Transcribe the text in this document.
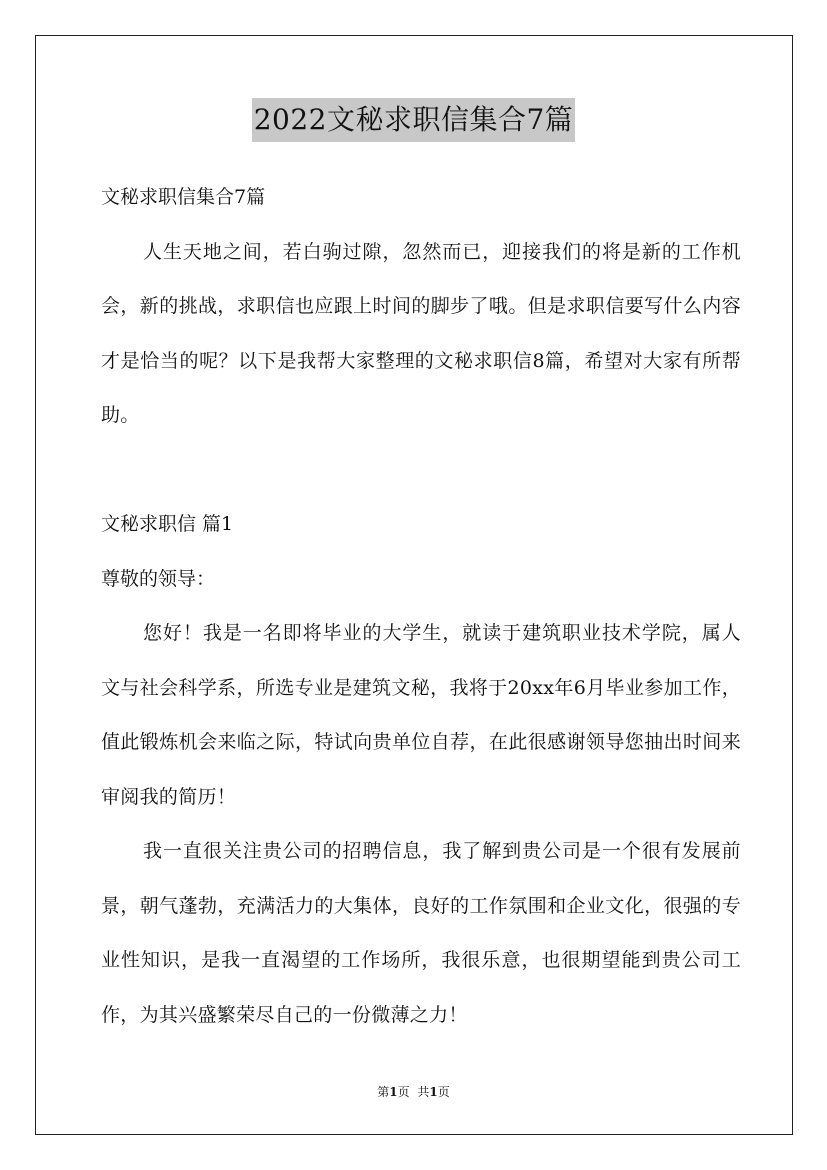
2022文秘求职信集合7篇
文秘求职信集合7篇
人生天地之间，若白驹过隙，忽然而已，迎接我们的将是新的工作机会，新的挑战，求职信也应跟上时间的脚步了哦。但是求职信要写什么内容才是恰当的呢？以下是我帮大家整理的文秘求职信8篇，希望对大家有所帮助。
文秘求职信 篇1
尊敬的领导：
您好！我是一名即将毕业的大学生，就读于建筑职业技术学院，属人文与社会科学系，所选专业是建筑文秘，我将于20xx年6月毕业参加工作，值此锻炼机会来临之际，特试向贵单位自荐，在此很感谢领导您抽出时间来审阅我的简历！
我一直很关注贵公司的招聘信息，我了解到贵公司是一个很有发展前景，朝气蓬勃，充满活力的大集体，良好的工作氛围和企业文化，很强的专业性知识，是我一直渴望的工作场所，我很乐意，也很期望能到贵公司工作，为其兴盛繁荣尽自己的一份微薄之力！
第1页 共1页
